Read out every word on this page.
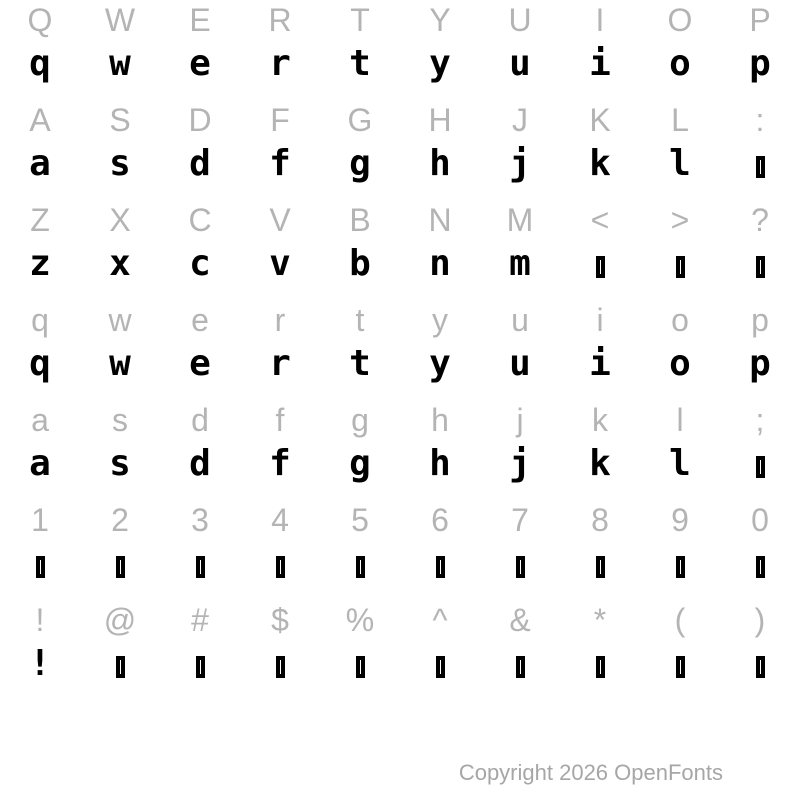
Q W E R T Y U I O P
q w e r t y u i o p
A S D F G H J K L :
a s d f g h j k l
Z X C V B N M < > ?
z x c v b n m
q w e r t y u i o p
q w e r t y u i o p
a s d f g h j k l ;
a s d f g h j k l
1 2 3 4 5 6 7 8 9 0
! @ # $ % ^ & * ( )
!
Copyright 2026 OpenFonts
